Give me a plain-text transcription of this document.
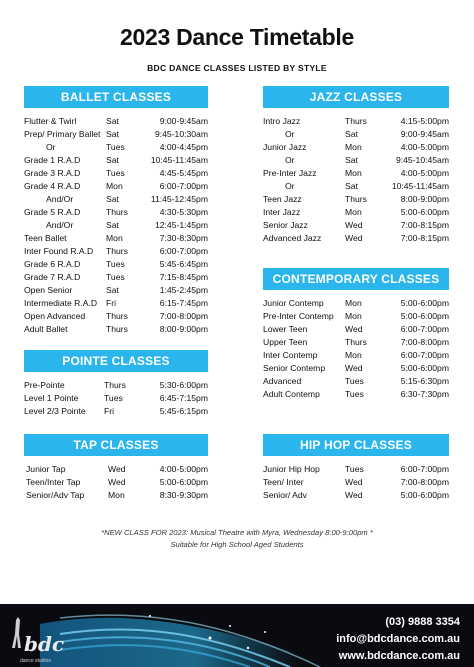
2023 Dance Timetable
BDC DANCE CLASSES LISTED BY STYLE
BALLET CLASSES
Flutter & Twirl	Sat	9:00-9:45am
Prep/ Primary Ballet Sat	9:45-10:30am
Or	Tues	4:00-4:45pm
Grade 1 R.A.D	Sat	10:45-11:45am
Grade 3 R.A.D	Tues	4:45-5:45pm
Grade 4 R.A.D	Mon	6:00-7:00pm
And/Or	Sat	11:45-12:45pm
Grade 5 R.A.D	Thurs	4:30-5:30pm
And/Or	Sat	12:45-1:45pm
Teen Ballet	Mon	7:30-8:30pm
Inter Found R.A.D Thurs	6:00-7:00pm
Grade 6 R.A.D	Tues	5:45-6:45pm
Grade 7 R.A.D	Tues	7:15-8:45pm
Open Senior	Sat	1:45-2:45pm
Intermediate R.A.D Fri	6:15-7:45pm
Open Advanced Thurs	7:00-8:00pm
Adult Ballet	Thurs	8:00-9:00pm
POINTE CLASSES
Pre-Pointe	Thurs	5:30-6:00pm
Level 1 Pointe	Tues	6:45-7:15pm
Level 2/3 Pointe Fri	5:45-6:15pm
TAP CLASSES
Junior Tap	Wed	4:00-5:00pm
Teen/Inter Tap	Wed	5:00-6:00pm
Senior/Adv Tap	Mon	8:30-9:30pm
JAZZ CLASSES
Intro Jazz	Thurs	4:15-5:00pm
Or	Sat	9:00-9:45am
Junior Jazz	Mon	4:00-5:00pm
Or	Sat	9:45-10:45am
Pre-Inter Jazz	Mon	4:00-5:00pm
Or	Sat	10:45-11:45am
Teen Jazz	Thurs	8:00-9:00pm
Inter Jazz	Mon	5:00-6:00pm
Senior Jazz	Wed	7:00-8:15pm
Advanced Jazz	Wed	7:00-8:15pm
CONTEMPORARY CLASSES
Junior Contemp Mon	5:00-6:00pm
Pre-Inter Contemp Mon	5:00-6:00pm
Lower Teen	Wed	6:00-7:00pm
Upper Teen	Thurs	7:00-8:00pm
Inter Contemp	Mon	6:00-7:00pm
Senior Contemp Wed	5:00-6:00pm
Advanced	Tues	5:15-6:30pm
Adult Contemp	Tues	6:30-7:30pm
HIP HOP CLASSES
Junior Hip Hop	Tues	6:00-7:00pm
Teen/ Inter	Wed	7:00-8:00pm
Senior/ Adv	Wed	5:00-6:00pm
*NEW CLASS FOR 2023: Musical Theatre with Myra, Wednesday 8:00-9:00pm *
Suitable for High School Aged Students
bdc
dance studios
(03) 9888 3354
info@bdcdance.com.au
www.bdcdance.com.au
